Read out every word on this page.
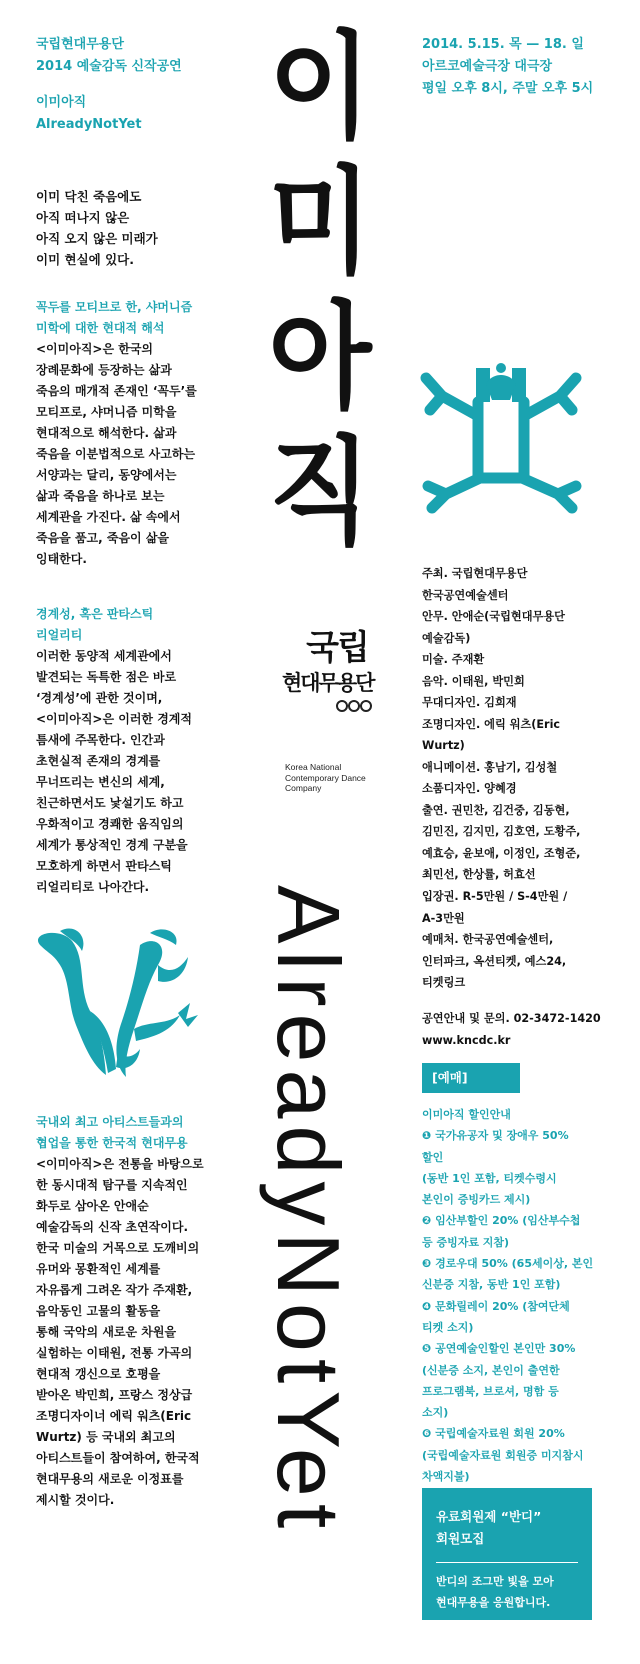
국립현대무용단
2014 예술감독 신작공연
이미아직
AlreadyNotYet
이미 닥친 죽음에도
아직 떠나지 않은
아직 오지 않은 미래가
이미 현실에 있다.
꼭두를 모티브로 한, 샤머니즘
미학에 대한 현대적 해석
<이미아직>은 한국의
장례문화에 등장하는 삶과
죽음의 매개적 존재인 ‘꼭두’를
모티프로, 샤머니즘 미학을
현대적으로 해석한다. 삶과
죽음을 이분법적으로 사고하는
서양과는 달리, 동양에서는
삶과 죽음을 하나로 보는
세계관을 가진다. 삶 속에서
죽음을 품고, 죽음이 삶을
잉태한다.
경계성, 혹은 판타스틱
리얼리티
이러한 동양적 세계관에서
발견되는 독특한 점은 바로
‘경계성’에 관한 것이며,
<이미아직>은 이러한 경계적
틈새에 주목한다. 인간과
초현실적 존재의 경계를
무너뜨리는 변신의 세계,
친근하면서도 낯설기도 하고
우화적이고 경쾌한 움직임의
세계가 통상적인 경계 구분을
모호하게 하면서 판타스틱
리얼리티로 나아간다.
국내외 최고 아티스트들과의
협업을 통한 한국적 현대무용
<이미아직>은 전통을 바탕으로
한 동시대적 탐구를 지속적인
화두로 삼아온 안애순
예술감독의 신작 초연작이다.
한국 미술의 거목으로 도깨비의
유머와 몽환적인 세계를
자유롭게 그려온 작가 주재환,
음악동인 고물의 활동을
통해 국악의 새로운 차원을
실험하는 이태원, 전통 가곡의
현대적 갱신으로 호평을
받아온 박민희, 프랑스 정상급
조명디자이너 에릭 워츠(Eric
Wurtz) 등 국내외 최고의
아티스트들이 참여하여, 한국적
현대무용의 새로운 이정표를
제시할 것이다.
이
미
아
직
국립
현대무용단
Korea National
Contemporary Dance
Company
AlreadyNotYet
2014. 5.15. 목 — 18. 일
아르코예술극장 대극장
평일 오후 8시, 주말 오후 5시
주최. 국립현대무용단
한국공연예술센터
안무. 안애순(국립현대무용단
예술감독)
미술. 주재환
음악. 이태원, 박민희
무대디자인. 김희재
조명디자인. 에릭 워츠(Eric
Wurtz)
애니메이션. 홍남기, 김성철
소품디자인. 양혜경
출연. 권민찬, 김건중, 김동현,
김민진, 김지민, 김호연, 도황주,
예효승, 윤보애, 이정인, 조형준,
최민선, 한상률, 허효선
입장권. R-5만원 / S-4만원 /
A-3만원
예매처. 한국공연예술센터,
인터파크, 옥션티켓, 예스24,
티켓링크
공연안내 및 문의. 02-3472-1420
www.kncdc.kr
[예매]
이미아직 할인안내
❶ 국가유공자 및 장애우 50%
할인
(동반 1인 포함, 티켓수령시
본인이 증빙카드 제시)
❷ 임산부할인 20% (임산부수첩
등 증빙자료 지참)
❸ 경로우대 50% (65세이상, 본인
신분증 지참, 동반 1인 포함)
❹ 문화릴레이 20% (참여단체
티켓 소지)
❺ 공연예술인할인 본인만 30%
(신분증 소지, 본인이 출연한
프로그램북, 브로셔, 명함 등
소지)
❻ 국립예술자료원 회원 20%
(국립예술자료원 회원증 미지참시
차액지불)
유료회원제 “반디”
회원모집
반디의 조그만 빛을 모아
현대무용을 응원합니다.
